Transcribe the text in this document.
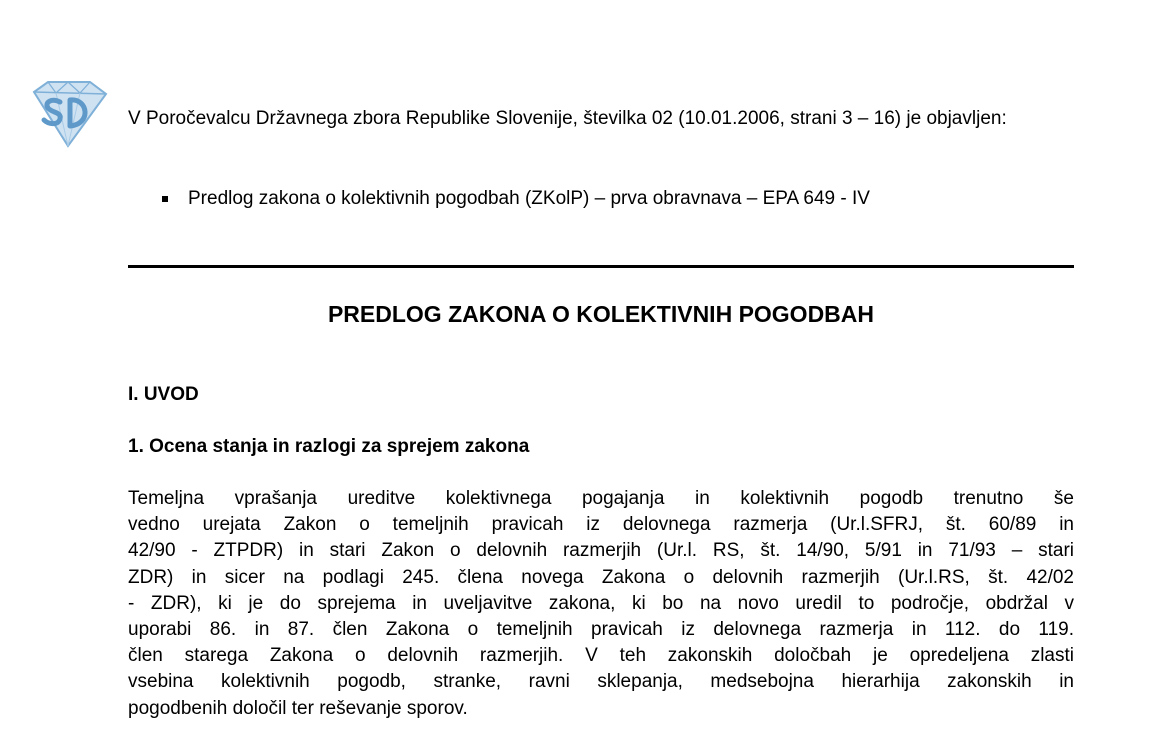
V Poročevalcu Državnega zbora Republike Slovenije, številka 02 (10.01.2006, strani 3 – 16) je objavljen:

Predlog zakona o kolektivnih pogodbah (ZKolP) – prva obravnava – EPA 649 - IV
PREDLOG ZAKONA O KOLEKTIVNIH POGODBAH
I. UVOD
1. Ocena stanja in razlogi za sprejem zakona
Temeljna vprašanja ureditve kolektivnega pogajanja in kolektivnih pogodb trenutno še
vedno urejata Zakon o temeljnih pravicah iz delovnega razmerja (Ur.l.SFRJ, št. 60/89 in
42/90 - ZTPDR) in stari Zakon o delovnih razmerjih (Ur.l. RS, št. 14/90, 5/91 in 71/93 – stari
ZDR) in sicer na podlagi 245. člena novega Zakona o delovnih razmerjih (Ur.l.RS, št. 42/02
- ZDR), ki je do sprejema in uveljavitve zakona, ki bo na novo uredil to področje, obdržal v
uporabi 86. in 87. člen Zakona o temeljnih pravicah iz delovnega razmerja in 112. do 119.
člen starega Zakona o delovnih razmerjih. V teh zakonskih določbah je opredeljena zlasti
vsebina kolektivnih pogodb, stranke, ravni sklepanja, medsebojna hierarhija zakonskih in
pogodbenih določil ter reševanje sporov.
